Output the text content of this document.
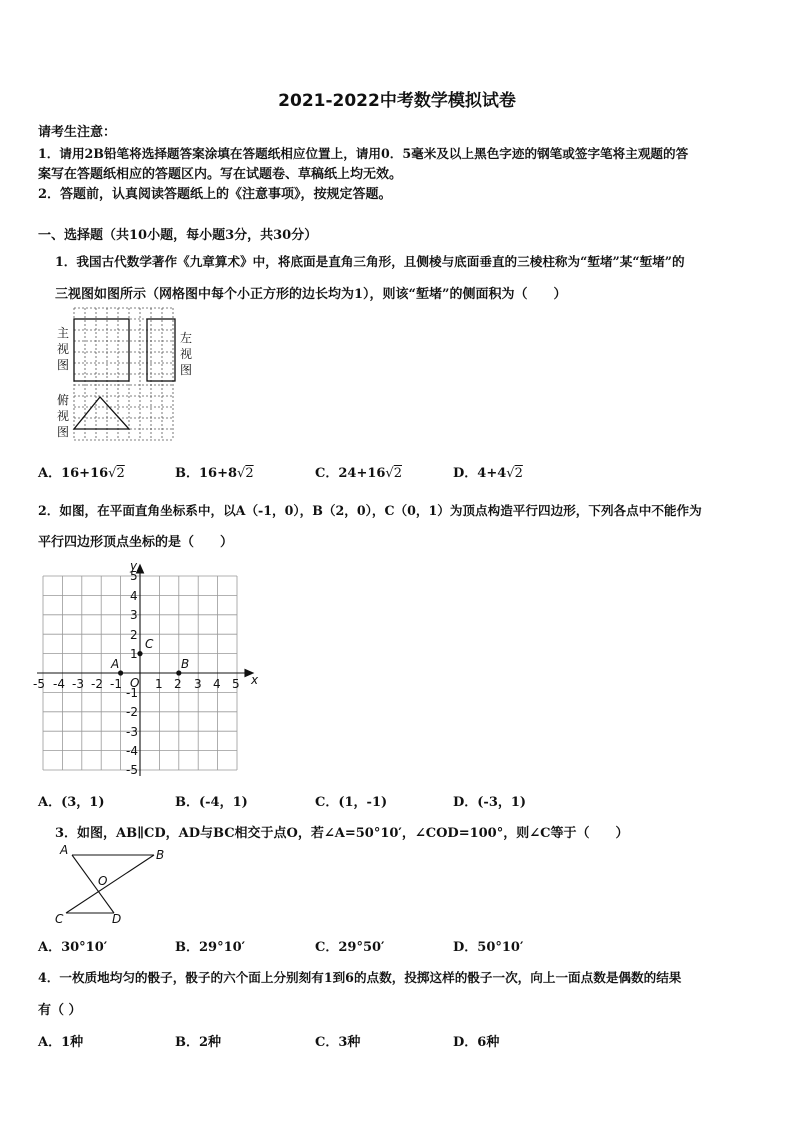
2021-2022中考数学模拟试卷
请考生注意：
1．请用2B铅笔将选择题答案涂填在答题纸相应位置上，请用0．5毫米及以上黑色字迹的钢笔或签字笔将主观题的答
案写在答题纸相应的答题区内。写在试题卷、草稿纸上均无效。
2．答题前，认真阅读答题纸上的《注意事项》，按规定答题。
一、选择题（共10小题，每小题3分，共30分）
1．我国古代数学著作《九章算术》中，将底面是直角三角形，且侧棱与底面垂直的三棱柱称为“堑堵”某“堑堵”的
三视图如图所示（网格图中每个小正方形的边长均为1），则该“堑堵”的侧面积为（　　）
主视图
左视图
俯视图
A．16+16√2	B．16+8√2	C．24+16√2	D．4+4√2
2．如图，在平面直角坐标系中，以A（-1，0），B（2，0），C（0，1）为顶点构造平行四边形，下列各点中不能作为
平行四边形顶点坐标的是（　　）
-5 -4 -3 -2 -1	1 2 3 4 5
5
4
3
2
1
-1
-2
-3
-4
-5
O	x
y
A	B
C
A．(3，1)	B．(-4，1)	C．(1，-1)	D．(-3，1)
3．如图，AB∥CD，AD与BC相交于点O，若∠A=50°10′，∠COD=100°，则∠C等于（　　）
A	B
O
C	D
A．30°10′	B．29°10′	C．29°50′	D．50°10′
4．一枚质地均匀的骰子，骰子的六个面上分别刻有1到6的点数，投掷这样的骰子一次，向上一面点数是偶数的结果
有（ ）
A．1种	B．2种	C．3种	D．6种
